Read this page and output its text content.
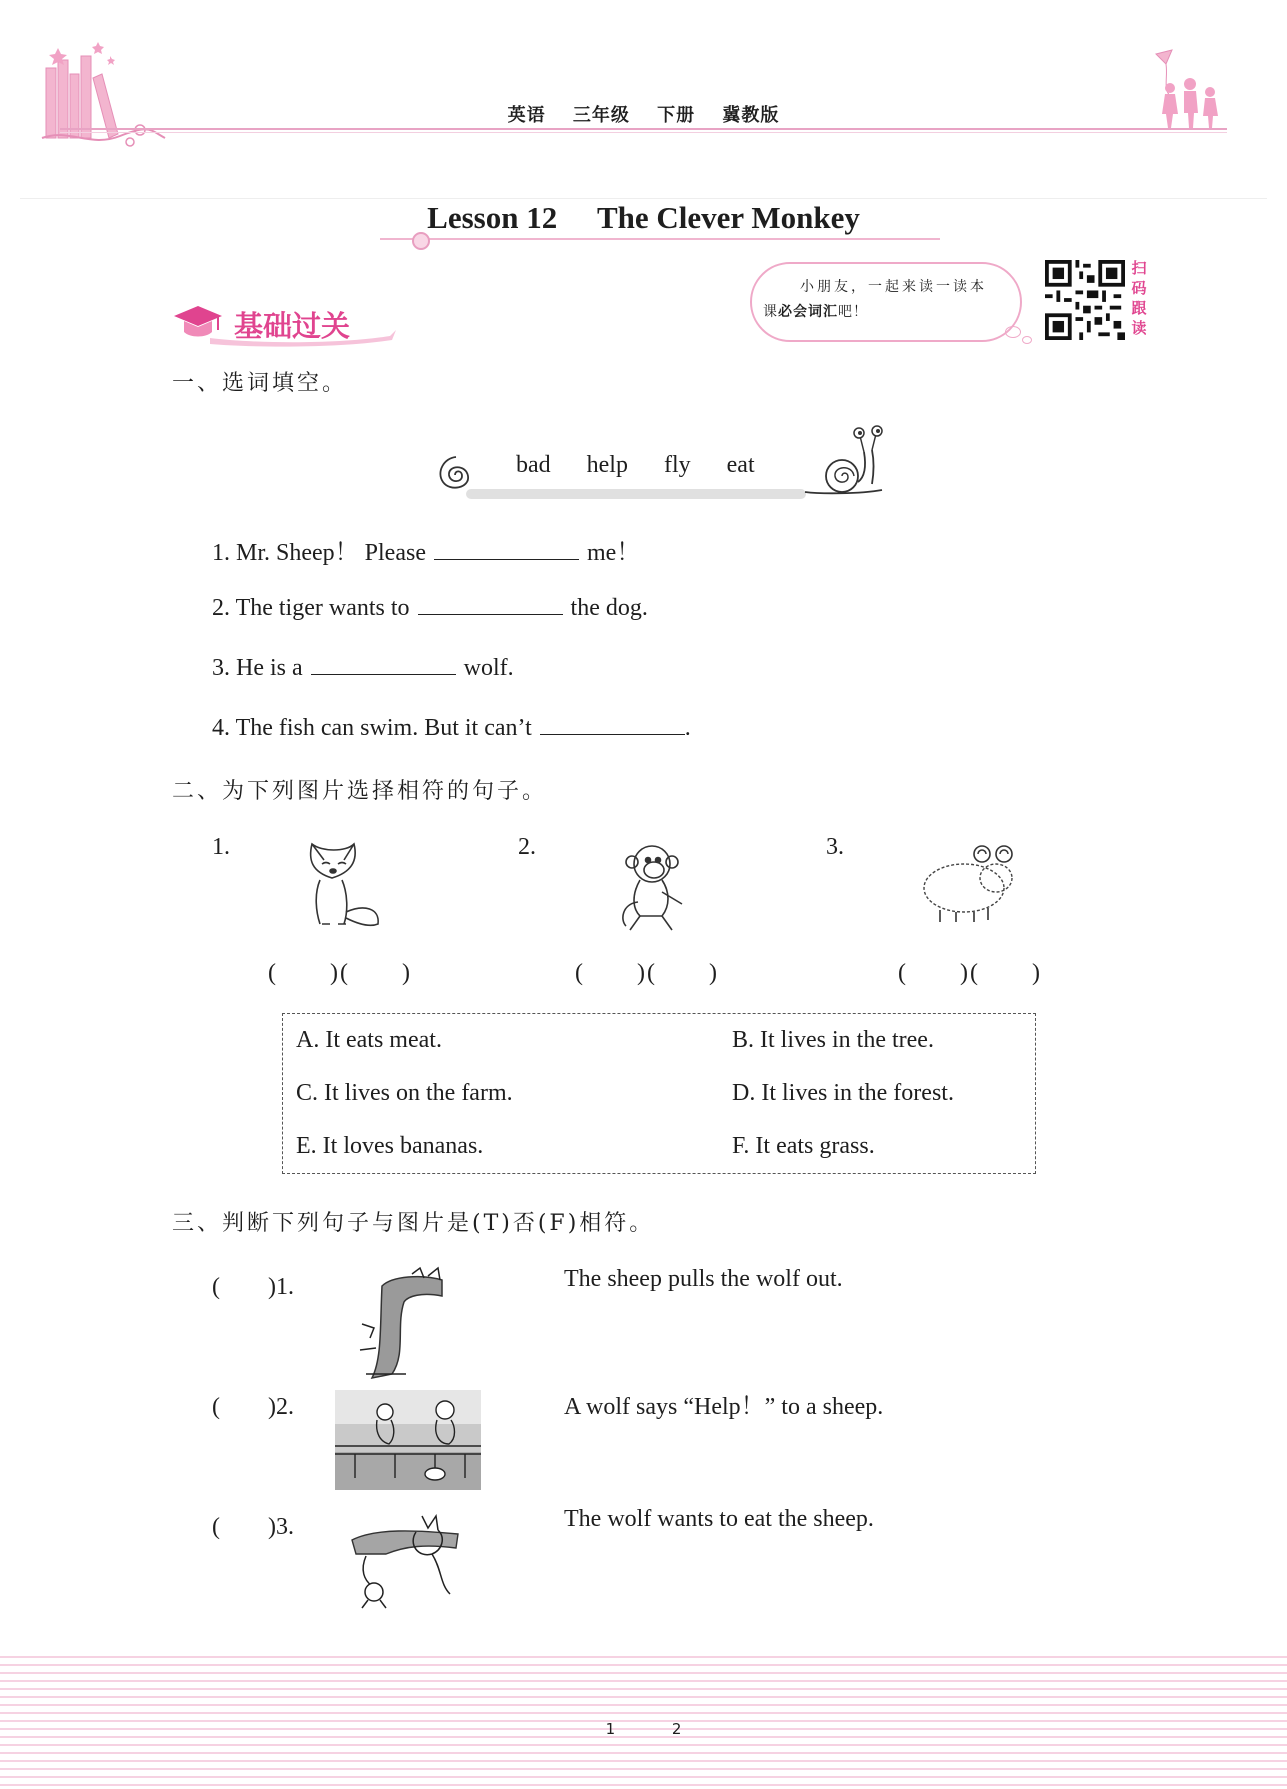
英语 三年级 下册 冀教版
Lesson 12 The Clever Monkey
小朋友，一起来读一读本
课必会词汇吧！
扫
码
跟
读
基础过关
一、选词填空。
bad help fly eat
1. Mr. Sheep！ Please	me！
2. The tiger wants to	the dog.
3. He is a	wolf.
4. The fish can swim. But it can’t	.
二、为下列图片选择相符的句子。
1.	2.	3.
(　　)(　　)	(　　)(　　)	(　　)(　　)
A. It eats meat.	B. It lives in the tree.
C. It lives on the farm.	D. It lives in the forest.
E. It loves bananas.	F. It eats grass.
三、判断下列句子与图片是(T)否(F)相符。
(　　)1.	The sheep pulls the wolf out.
(　　)2.	A wolf says “Help！” to a sheep.
(　　)3.	The wolf wants to eat the sheep.
1	2
